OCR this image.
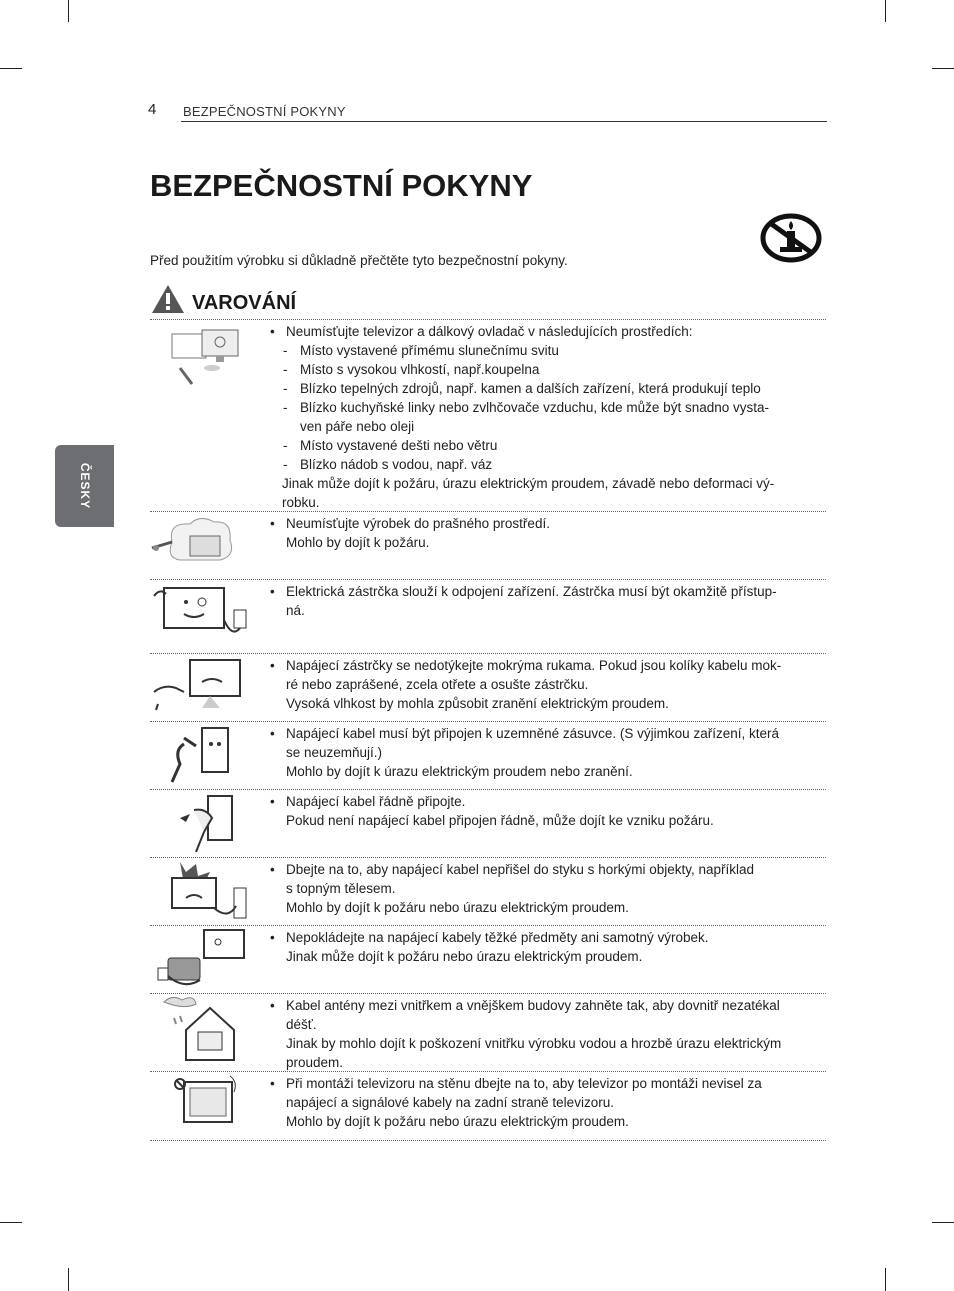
4 BEZPEČNOSTNÍ POKYNY
ČESKY
BEZPEČNOSTNÍ POKYNY

Před použitím výrobku si důkladně přečtěte tyto bezpečnostní pokyny.

VAROVÁNÍ
• Neumísťujte televizor a dálkový ovladač v následujících prostředích:
- Místo vystavené přímému slunečnímu svitu
- Místo s vysokou vlhkostí, např.koupelna
- Blízko tepelných zdrojů, např. kamen a dalších zařízení, která produkují teplo
- Blízko kuchyňské linky nebo zvlhčovače vzduchu, kde může být snadno vysta-
ven páře nebo oleji
- Místo vystavené dešti nebo větru
- Blízko nádob s vodou, např. váz
Jinak může dojít k požáru, úrazu elektrickým proudem, závadě nebo deformaci vý-
robku.
• Neumísťujte výrobek do prašného prostředí.
Mohlo by dojít k požáru.
• Elektrická zástrčka slouží k odpojení zařízení. Zástrčka musí být okamžitě přístup-
ná.
• Napájecí zástrčky se nedotýkejte mokrýma rukama. Pokud jsou kolíky kabelu mok-
ré nebo zaprášené, zcela otřete a osušte zástrčku.
Vysoká vlhkost by mohla způsobit zranění elektrickým proudem.
• Napájecí kabel musí být připojen k uzemněné zásuvce. (S výjimkou zařízení, která
se neuzemňují.)
Mohlo by dojít k úrazu elektrickým proudem nebo zranění.
• Napájecí kabel řádně připojte.
Pokud není napájecí kabel připojen řádně, může dojít ke vzniku požáru.
• Dbejte na to, aby napájecí kabel nepřišel do styku s horkými objekty, například
s topným tělesem.
Mohlo by dojít k požáru nebo úrazu elektrickým proudem.
• Nepokládejte na napájecí kabely těžké předměty ani samotný výrobek.
Jinak může dojít k požáru nebo úrazu elektrickým proudem.
• Kabel antény mezi vnitřkem a vnějškem budovy zahněte tak, aby dovnitř nezatékal
déšť.
Jinak by mohlo dojít k poškození vnitřku výrobku vodou a hrozbě úrazu elektrickým
proudem.
• Při montáži televizoru na stěnu dbejte na to, aby televizor po montáži nevisel za
napájecí a signálové kabely na zadní straně televizoru.
Mohlo by dojít k požáru nebo úrazu elektrickým proudem.
